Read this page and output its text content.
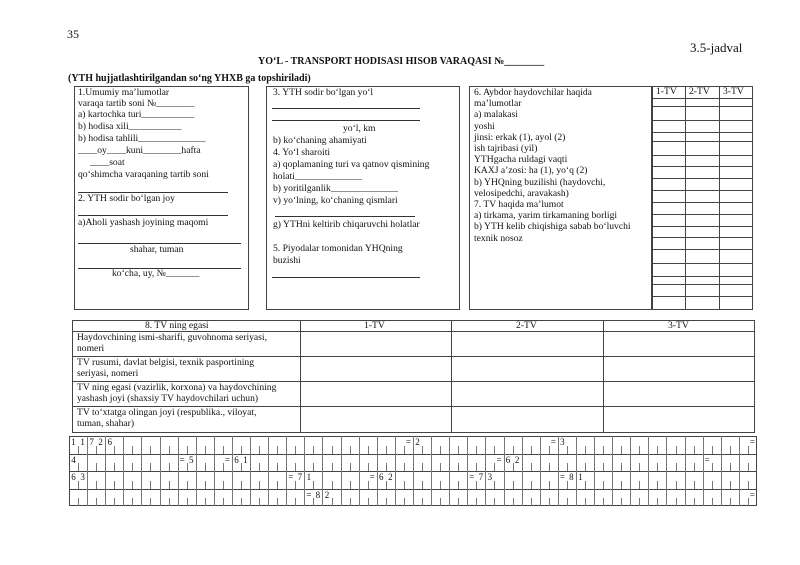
35
3.5-jadval
YO‘L - TRANSPORT HODISASI HISOB VARAQASI №________
(YTH hujjatlashtirilgandan so‘ng YHXB ga topshiriladi)
1.Umumiy ma’lumotlar
varaqa tartib soni №________
a) kartochka turi___________
b) hodisa xili___________
b) hodisa tahlili______________
____oy____kuni________hafta
____soat
qo‘shimcha varaqaning tartib soni
2. YTH sodir bo‘lgan joy
a)Aholi yashash joyining maqomi
shahar, tuman
ko‘cha, uy, №_______
3. YTH sodir bo‘lgan yo‘l
yo‘l, km
b) ko‘chaning ahamiyati
4. Yo‘l sharoiti
a) qoplamaning turi va qatnov qismining
holati______________
b) yoritilganlik______________
v) yo‘lning, ko‘chaning qismlari
g) YTHni keltirib chiqaruvchi holatlar
5. Piyodalar tomonidan YHQning
buzishi
6. Aybdor haydovchilar haqida
ma’lumotlar
a) malakasi
yoshi
jinsi: erkak (1), ayol (2)
ish tajribasi (yil)
YTHgacha ruldagi vaqti
KAXJ a’zosi: ha (1), yo‘q (2)
b) YHQning buzilishi (haydovchi,
velosipedchi, aravakash)
7. TV haqida ma’lumot
a) tirkama, yarim tirkamaning borligi
b) YTH kelib chiqishiga sabab bo‘luvchi
texnik nosoz
1-TV 2-TV 3-TV
8. TV ning egasi	1-TV	2-TV	3-TV
Haydovchining ismi-sharifi, guvohnoma seriyasi,
nomeri
TV rusumi, davlat belgisi, texnik pasportining
seriyasi, nomeri
TV ning egasi (vazirlik, korxona) va haydovchining
yashash joyi (shaxsiy TV haydovchilari uchun)
TV to‘xtatga olingan joyi (respublika., viloyat,
tuman, shahar)
1 1 7 2 6	= 2	= 3	=
4	= 5	= 6 1	= 6 2	=
6 3	= 7 1	= 6 2	= 7 3	= 8 1
= 8 2	=
